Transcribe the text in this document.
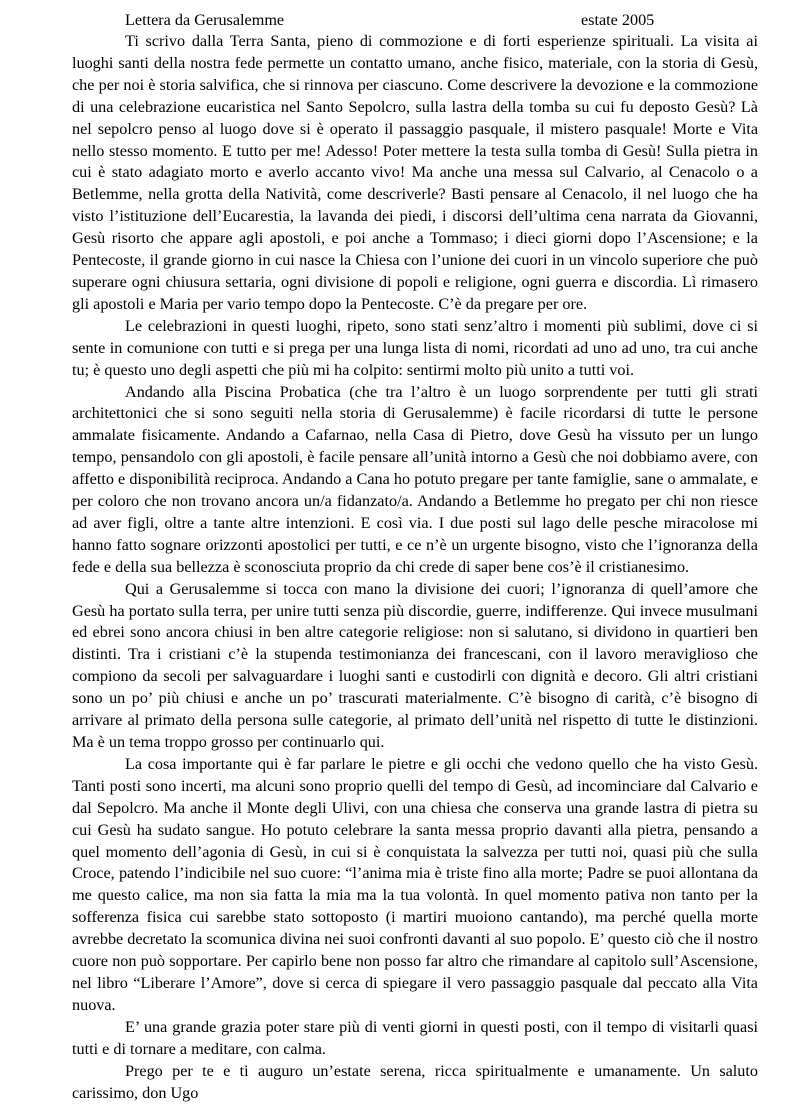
Lettera da Gerusalemme	estate 2005

Ti scrivo dalla Terra Santa, pieno di commozione e di forti esperienze spirituali. La visita ai luoghi santi della nostra fede permette un contatto umano, anche fisico, materiale, con la storia di Gesù, che per noi è storia salvifica, che si rinnova per ciascuno. Come descrivere la devozione e la commozione di una celebrazione eucaristica nel Santo Sepolcro, sulla lastra della tomba su cui fu deposto Gesù? Là nel sepolcro penso al luogo dove si è operato il passaggio pasquale, il mistero pasquale! Morte e Vita nello stesso momento. E tutto per me! Adesso! Poter mettere la testa sulla tomba di Gesù! Sulla pietra in cui è stato adagiato morto e averlo accanto vivo! Ma anche una messa sul Calvario, al Cenacolo o a Betlemme, nella grotta della Natività, come descriverle? Basti pensare al Cenacolo, il nel luogo che ha visto l’istituzione dell’Eucarestia, la lavanda dei piedi, i discorsi dell’ultima cena narrata da Giovanni, Gesù risorto che appare agli apostoli, e poi anche a Tommaso; i dieci giorni dopo l’Ascensione; e la Pentecoste, il grande giorno in cui nasce la Chiesa con l’unione dei cuori in un vincolo superiore che può superare ogni chiusura settaria, ogni divisione di popoli e religione, ogni guerra e discordia. Lì rimasero gli apostoli e Maria per vario tempo dopo la Pentecoste. C’è da pregare per ore.

Le celebrazioni in questi luoghi, ripeto, sono stati senz’altro i momenti più sublimi, dove ci si sente in comunione con tutti e si prega per una lunga lista di nomi, ricordati ad uno ad uno, tra cui anche tu; è questo uno degli aspetti che più mi ha colpito: sentirmi molto più unito a tutti voi.

Andando alla Piscina Probatica (che tra l’altro è un luogo sorprendente per tutti gli strati architettonici che si sono seguiti nella storia di Gerusalemme) è facile ricordarsi di tutte le persone ammalate fisicamente. Andando a Cafarnao, nella Casa di Pietro, dove Gesù ha vissuto per un lungo tempo, pensandolo con gli apostoli, è facile pensare all’unità intorno a Gesù che noi dobbiamo avere, con affetto e disponibilità reciproca. Andando a Cana ho potuto pregare per tante famiglie, sane o ammalate, e per coloro che non trovano ancora un/a fidanzato/a. Andando a Betlemme ho pregato per chi non riesce ad aver figli, oltre a tante altre intenzioni. E così via. I due posti sul lago delle pesche miracolose mi hanno fatto sognare orizzonti apostolici per tutti, e ce n’è un urgente bisogno, visto che l’ignoranza della fede e della sua bellezza è sconosciuta proprio da chi crede di saper bene cos’è il cristianesimo.

Qui a Gerusalemme si tocca con mano la divisione dei cuori; l’ignoranza di quell’amore che Gesù ha portato sulla terra, per unire tutti senza più discordie, guerre, indifferenze. Qui invece musulmani ed ebrei sono ancora chiusi in ben altre categorie religiose: non si salutano, si dividono in quartieri ben distinti. Tra i cristiani c’è la stupenda testimonianza dei francescani, con il lavoro meraviglioso che compiono da secoli per salvaguardare i luoghi santi e custodirli con dignità e decoro. Gli altri cristiani sono un po’ più chiusi e anche un po’ trascurati materialmente. C’è bisogno di carità, c’è bisogno di arrivare al primato della persona sulle categorie, al primato dell’unità nel rispetto di tutte le distinzioni. Ma è un tema troppo grosso per continuarlo qui.

La cosa importante qui è far parlare le pietre e gli occhi che vedono quello che ha visto Gesù. Tanti posti sono incerti, ma alcuni sono proprio quelli del tempo di Gesù, ad incominciare dal Calvario e dal Sepolcro. Ma anche il Monte degli Ulivi, con una chiesa che conserva una grande lastra di pietra su cui Gesù ha sudato sangue. Ho potuto celebrare la santa messa proprio davanti alla pietra, pensando a quel momento dell’agonia di Gesù, in cui si è conquistata la salvezza per tutti noi, quasi più che sulla Croce, patendo l’indicibile nel suo cuore: “l’anima mia è triste fino alla morte; Padre se puoi allontana da me questo calice, ma non sia fatta la mia ma la tua volontà. In quel momento pativa non tanto per la sofferenza fisica cui sarebbe stato sottoposto (i martiri muoiono cantando), ma perché quella morte avrebbe decretato la scomunica divina nei suoi confronti davanti al suo popolo. E’ questo ciò che il nostro cuore non può sopportare. Per capirlo bene non posso far altro che rimandare al capitolo sull’Ascensione, nel libro “Liberare l’Amore”, dove si cerca di spiegare il vero passaggio pasquale dal peccato alla Vita nuova.

E’ una grande grazia poter stare più di venti giorni in questi posti, con il tempo di visitarli quasi tutti e di tornare a meditare, con calma.

Prego per te e ti auguro un’estate serena, ricca spiritualmente e umanamente. Un saluto carissimo, don Ugo
